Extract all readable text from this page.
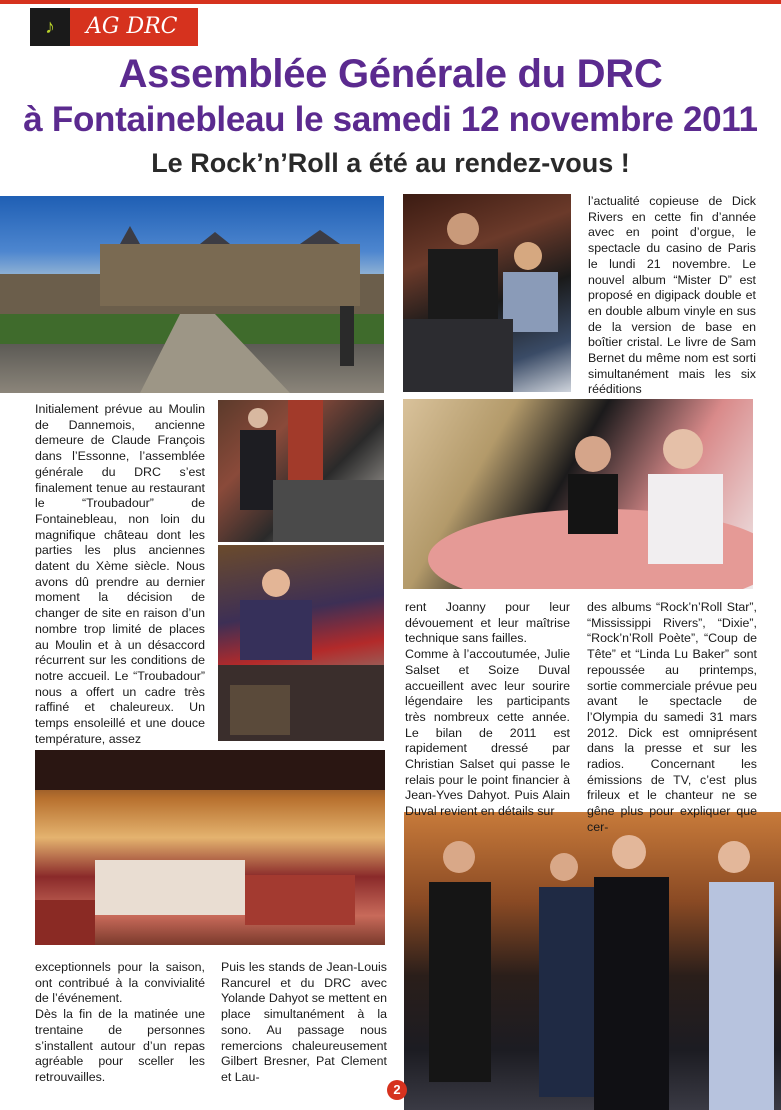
♪	AG DRC
Assemblée Générale du DRC
à Fontainebleau le samedi 12 novembre 2011
Le Rock’n’Roll a été au rendez-vous !

Initialement prévue au Moulin de Dannemois, ancienne demeure de Claude François dans l’Essonne, l’assemblée générale du DRC s’est finalement tenue au restaurant le “Troubadour” de Fontainebleau, non loin du magnifique château dont les parties les plus anciennes datent du Xème siècle. Nous avons dû prendre au dernier moment la décision de changer de site en raison d’un nombre trop limité de places au Moulin et à un désaccord récurrent sur les conditions de notre accueil. Le “Troubadour” nous a offert un cadre très raffiné et chaleureux. Un temps ensoleillé et une douce température, assez

l’actualité copieuse de Dick Rivers en cette fin d’année avec en point d’orgue, le spectacle du casino de Paris le lundi 21 novembre. Le nouvel album “Mister D” est proposé en digipack double et en double album vinyle en sus de la version de base en boîtier cristal. Le livre de Sam Bernet du même nom est sorti simultanément mais les six rééditions

rent Joanny pour leur dévouement et leur maîtrise technique sans failles.

Comme à l’accoutumée, Julie Salset et Soize Duval accueillent avec leur sourire légendaire les participants très nombreux cette année. Le bilan de 2011 est rapidement dressé par Christian Salset qui passe le relais pour le point financier à Jean-Yves Dahyot. Puis Alain Duval revient en détails sur

des albums “Rock’n’Roll Star”, “Mississippi Rivers”, “Dixie”, “Rock’n’Roll Poète”, “Coup de Tête” et “Linda Lu Baker” sont repoussée au printemps, sortie commerciale prévue peu avant le spectacle de l’Olympia du samedi 31 mars 2012. Dick est omniprésent dans la presse et sur les radios. Concernant les émissions de TV, c’est plus frileux et le chanteur ne se gêne plus pour expliquer que cer-

exceptionnels pour la saison, ont contribué à la convivialité de l’événement.

Dès la fin de la matinée une trentaine de personnes s’installent autour d’un repas agréable pour sceller les retrouvailles.

Puis les stands de Jean-Louis Rancurel et du DRC avec Yolande Dahyot se mettent en place simultanément à la sono. Au passage nous remercions chaleureusement Gilbert Bresner, Pat Clement et Lau-

2
